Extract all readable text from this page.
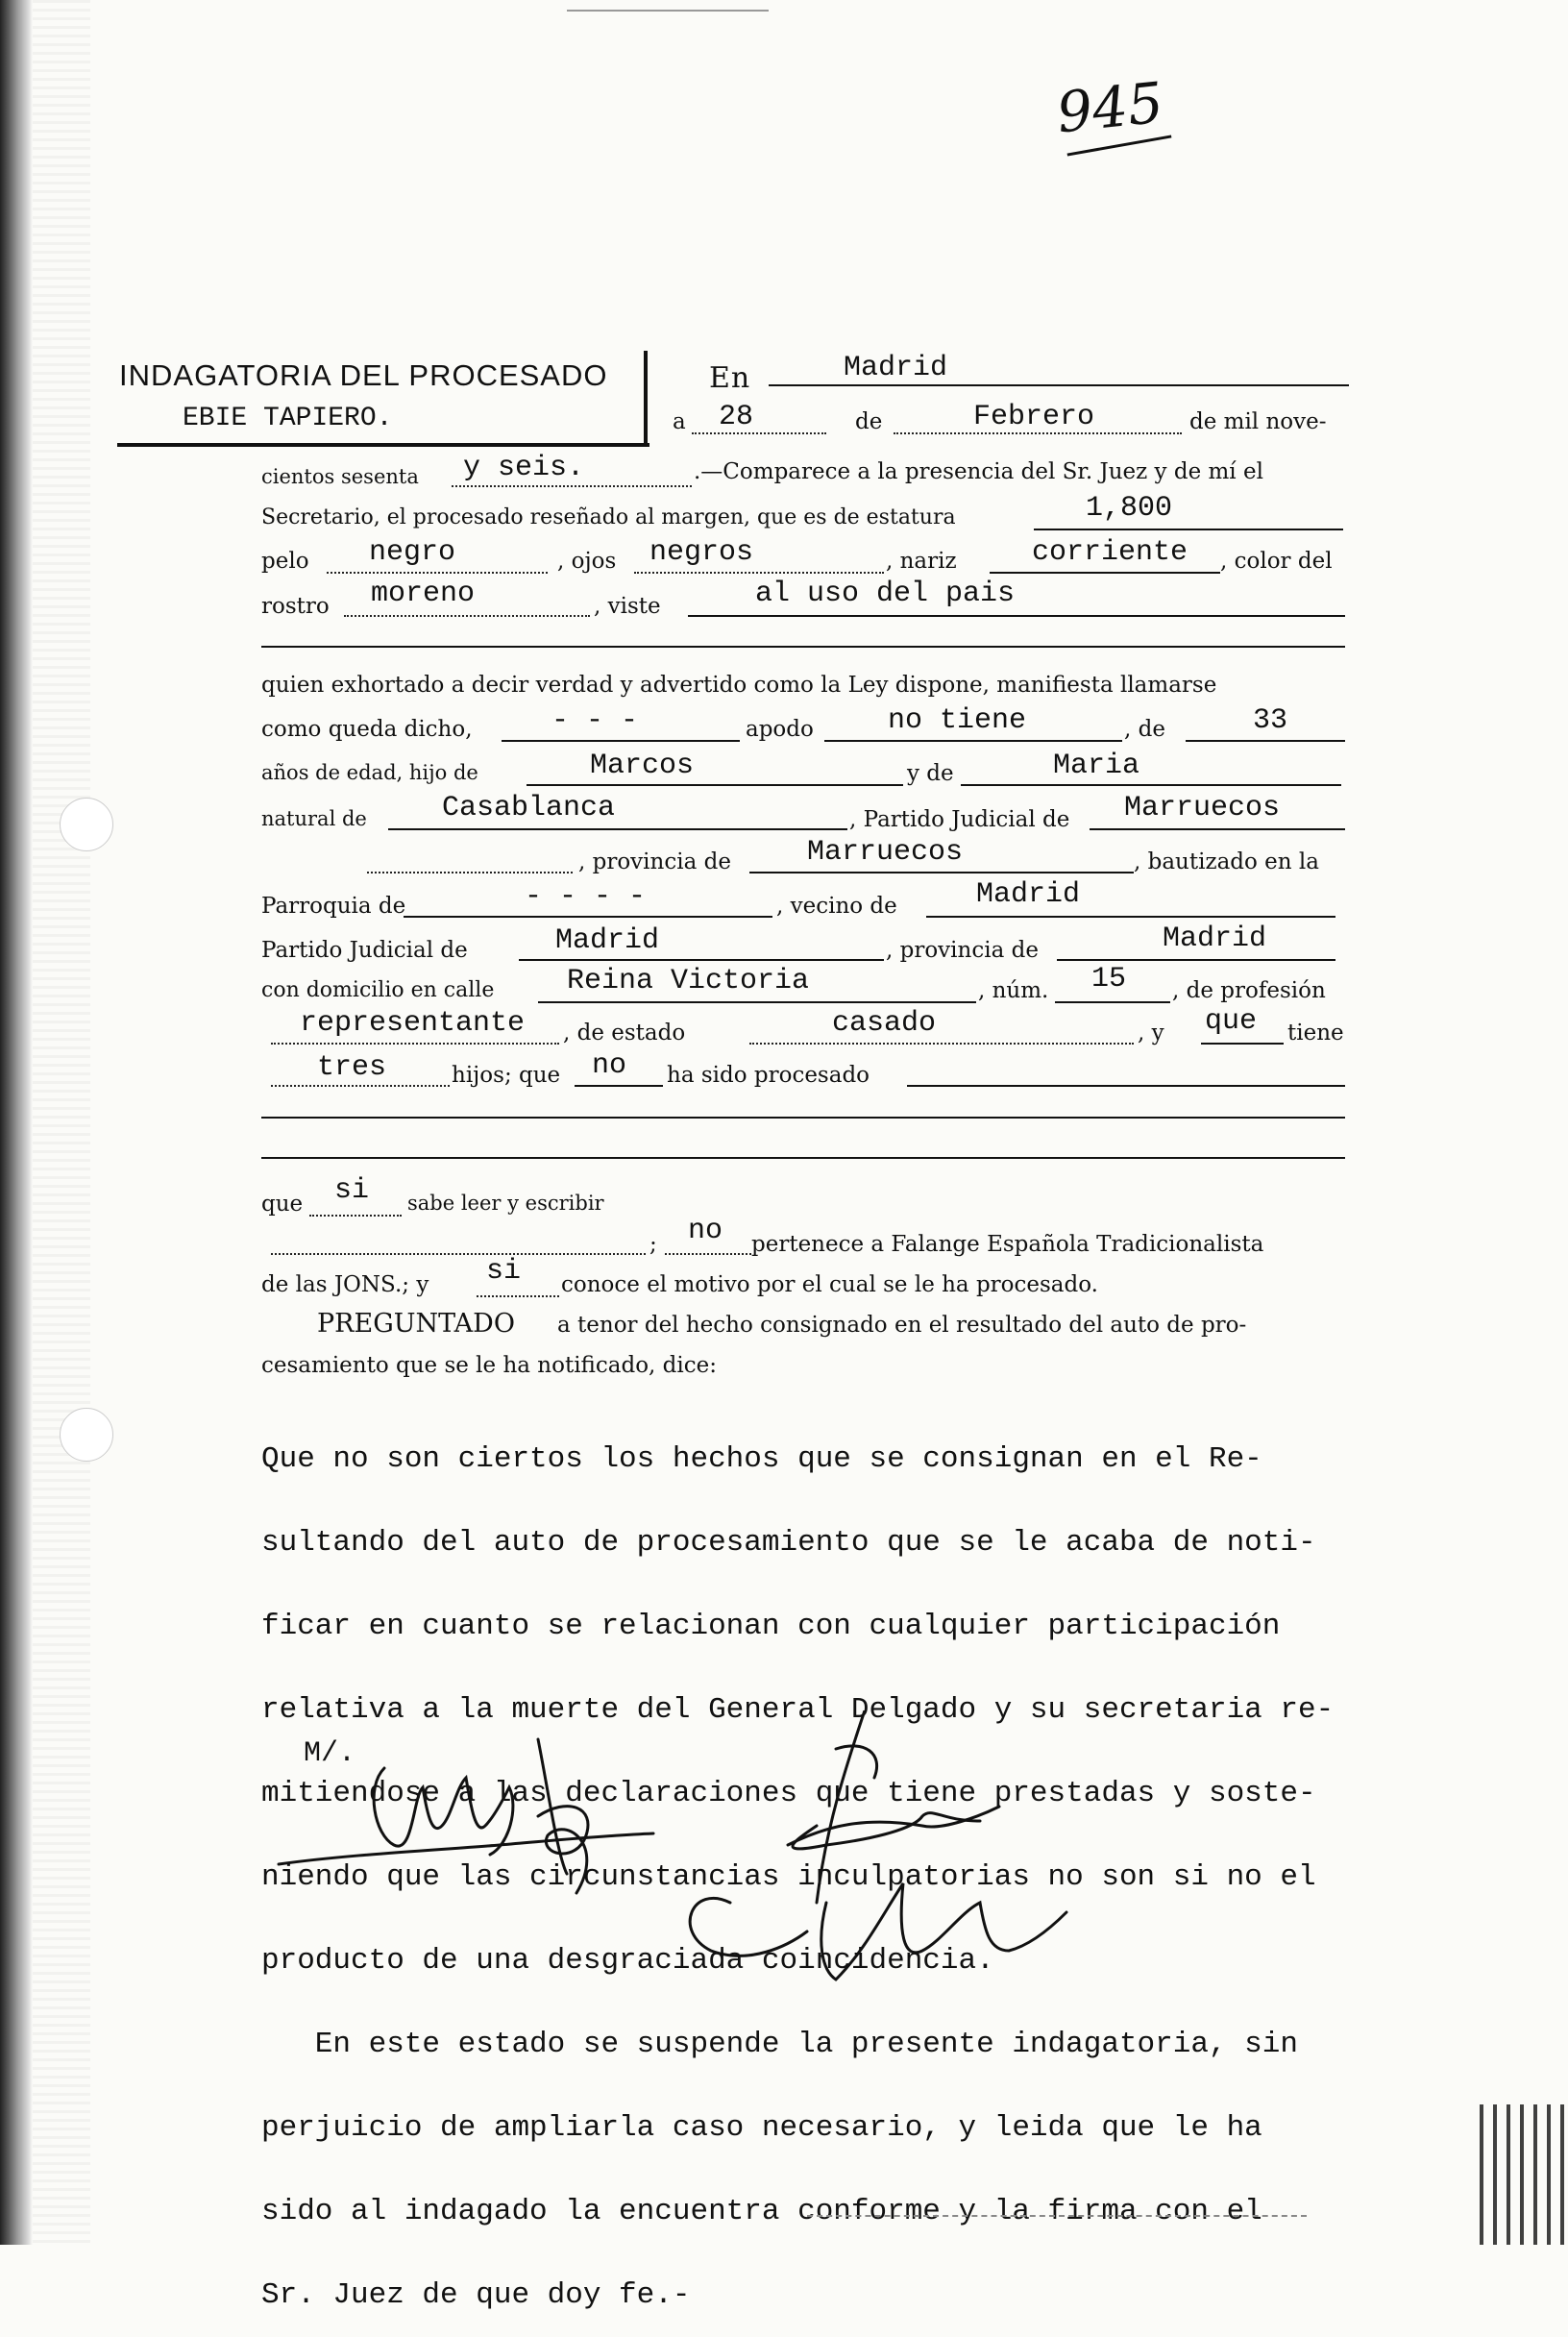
945
INDAGATORIA DEL PROCESADO
EBIE TAPIERO.
En	Madrid
a 28	de	Febrero	de mil nove-
cientos sesenta y seis.	.—Comparece a la presencia del Sr. Juez y de mí el
Secretario, el procesado reseñado al margen, que es de estatura	1,800
pelo negro	, ojos negros	, nariz	corriente , color del
rostro moreno	, viste	al uso del pais
quien exhortado a decir verdad y advertido como la Ley dispone, manifiesta llamarse
como queda dicho,	- - -	apodo	no tiene	, de	33
años de edad, hijo de	Marcos	y de	Maria
natural de	Casablanca	, Partido Judicial de Marruecos
, provincia de	Marruecos	, bautizado en la
Parroquia de	- - - -	, vecino de	Madrid
Partido Judicial de	Madrid	, provincia de	Madrid
con domicilio en calle	Reina Victoria	, núm. 15 , de profesión
representante , de estado	casado	, y que tiene
tres	hijos; que no ha sido procesado
que si sabe leer y escribir
; no pertenece a Falange Española Tradicionalista
de las JONS.; y si conoce el motivo por el cual se le ha procesado.
PREGUNTADO a tenor del hecho consignado en el resultado del auto de pro-
cesamiento que se le ha notificado, dice:

Que no son ciertos los hechos que se consignan en el Re-

sultando del auto de procesamiento que se le acaba de noti-

ficar en cuanto se relacionan con cualquier participación

relativa a la muerte del General Delgado y su secretaria re-

mitiendose a las declaraciones que tiene prestadas y soste-

niendo que las circunstancias inculpatorias no son si no el

producto de una desgraciada coincidencia.

En este estado se suspende la presente indagatoria, sin

perjuicio de ampliarla caso necesario, y leida que le ha

sido al indagado la encuentra conforme y la firma con el

Sr. Juez de que doy fe.-

M/.
